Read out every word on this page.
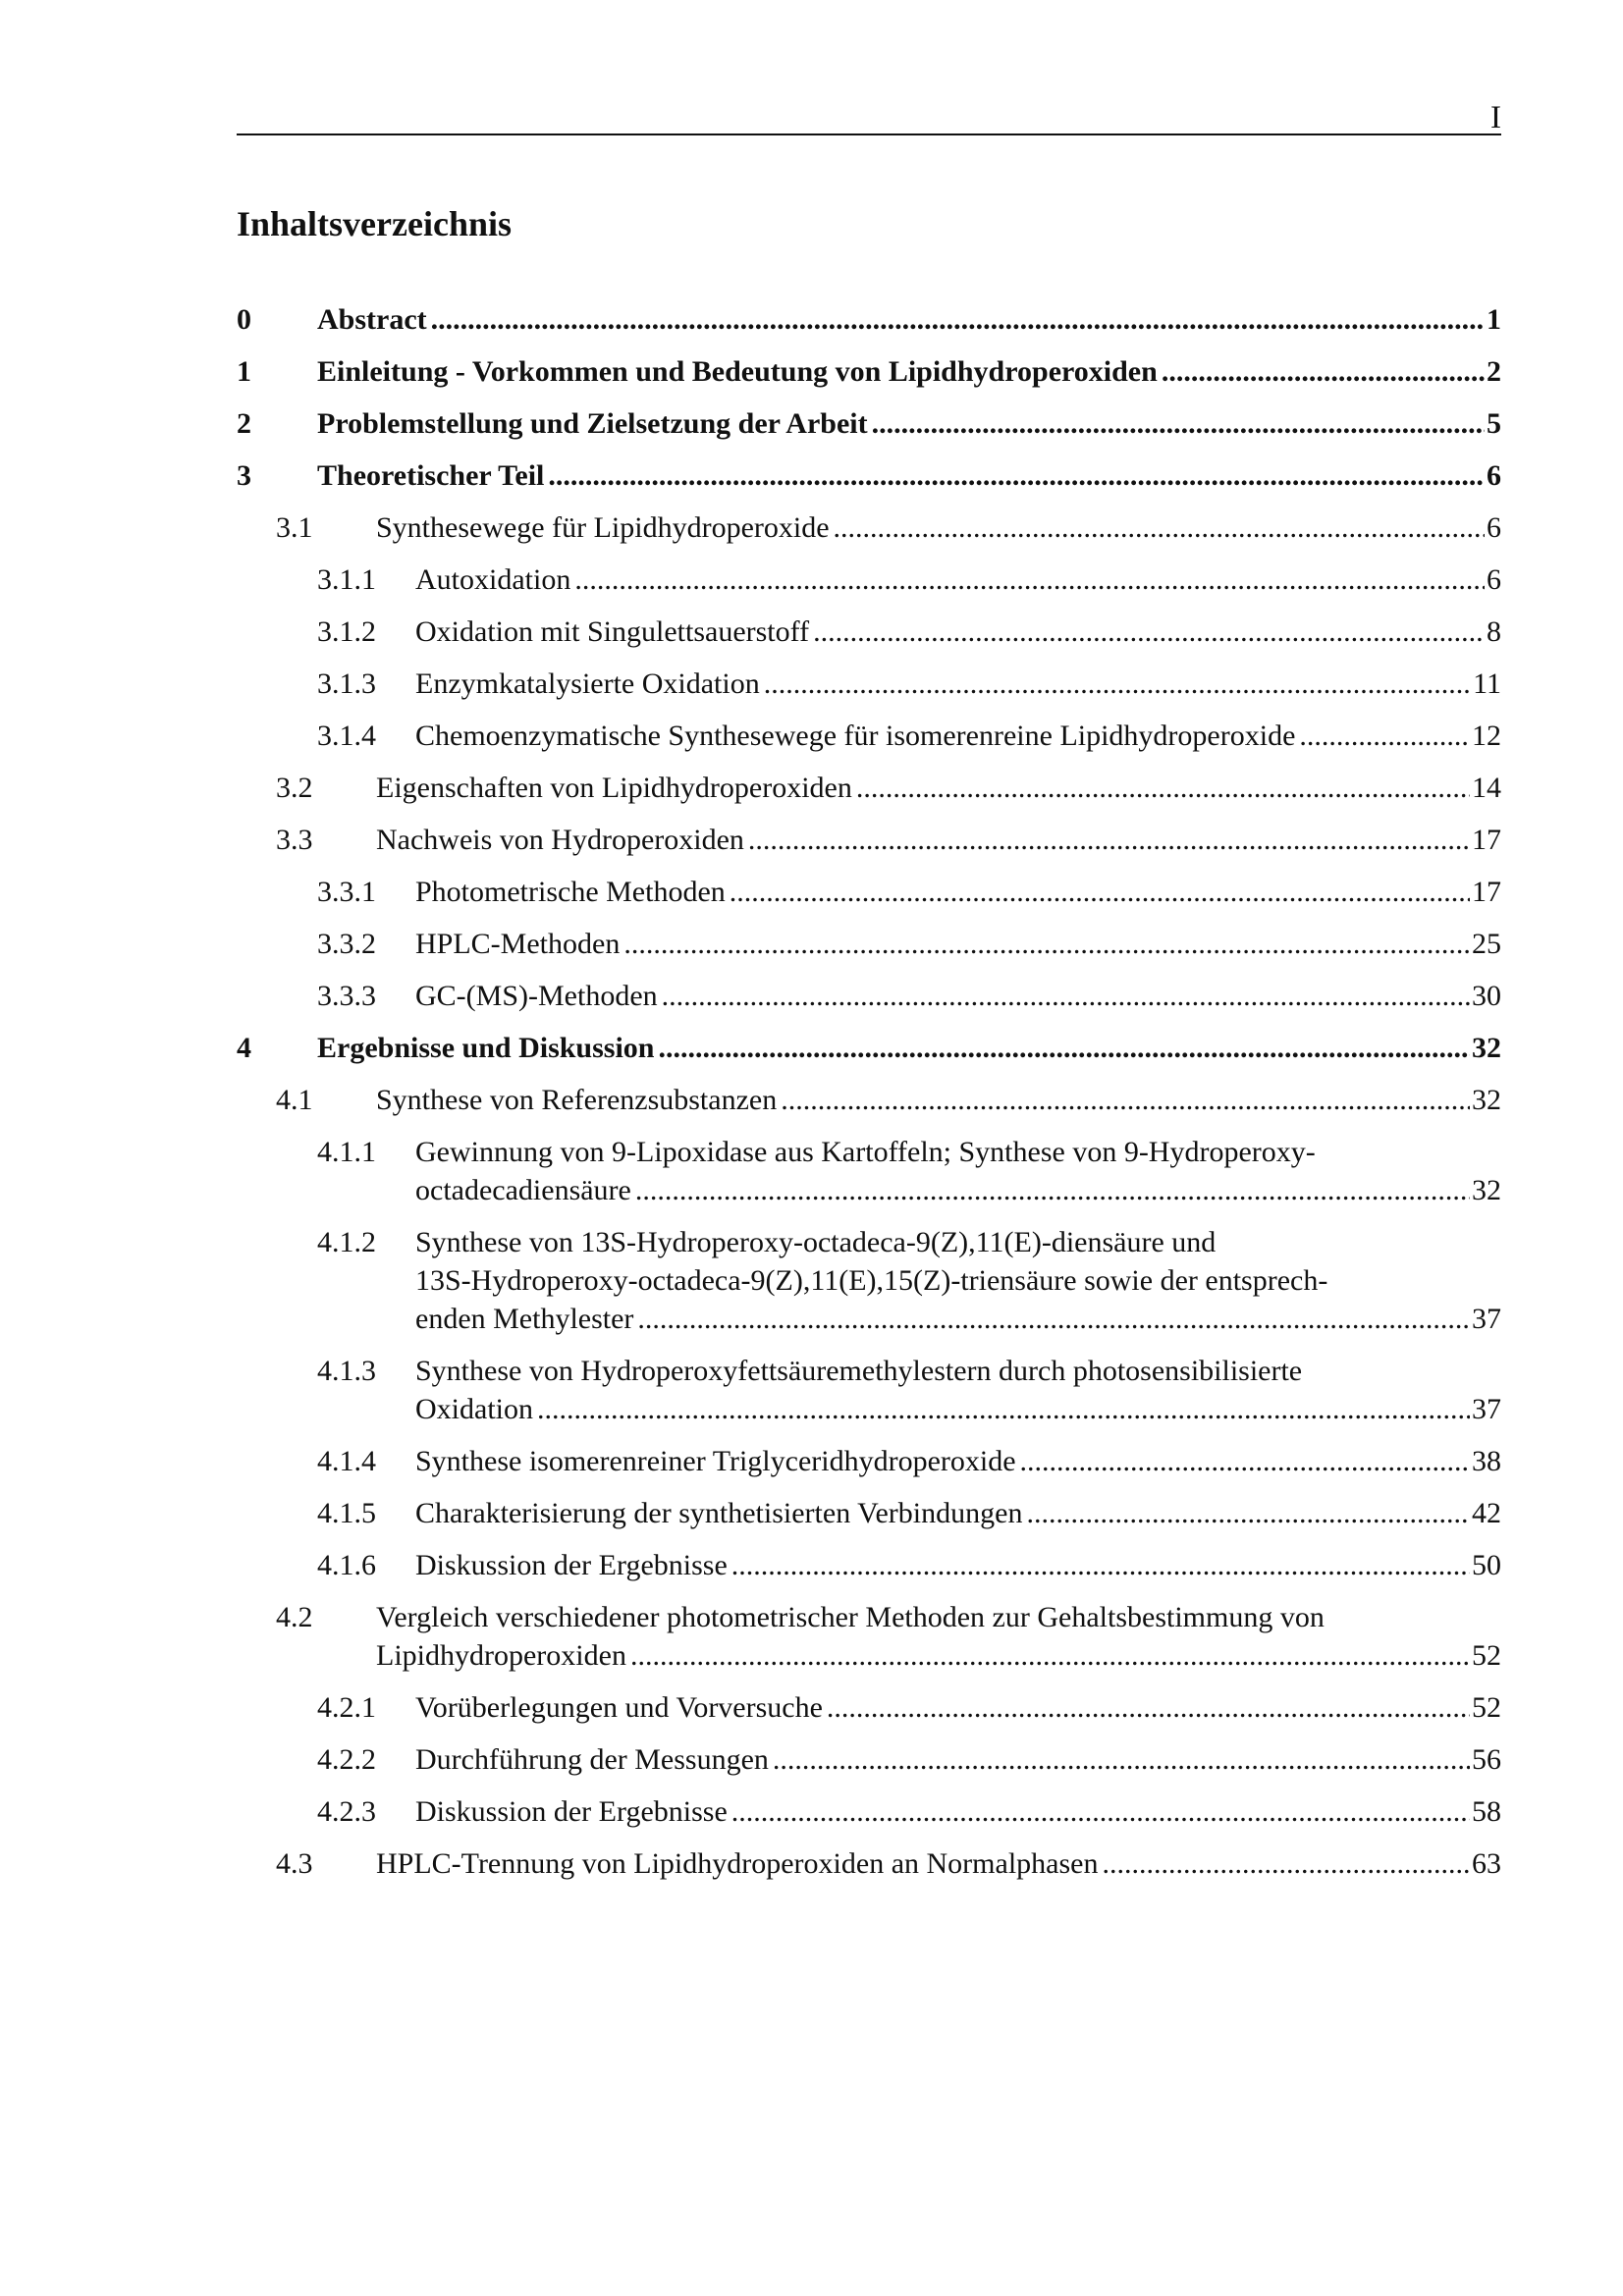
I
Inhaltsverzeichnis
0 Abstract .....	1
1 Einleitung - Vorkommen und Bedeutung von Lipidhydroperoxiden .....	2
2 Problemstellung und Zielsetzung der Arbeit .....	5
3 Theoretischer Teil .....	6
3.1 Synthesewege für Lipidhydroperoxide .....	6
3.1.1 Autoxidation .....	6
3.1.2 Oxidation mit Singulettsauerstoff .....	8
3.1.3 Enzymkatalysierte Oxidation .....	11
3.1.4 Chemoenzymatische Synthesewege für isomerenreine Lipidhydroperoxide .....	12
3.2 Eigenschaften von Lipidhydroperoxiden .....	14
3.3 Nachweis von Hydroperoxiden .....	17
3.3.1 Photometrische Methoden .....	17
3.3.2 HPLC-Methoden .....	25
3.3.3 GC-(MS)-Methoden .....	30
4 Ergebnisse und Diskussion .....	32
4.1 Synthese von Referenzsubstanzen .....	32
4.1.1 Gewinnung von 9-Lipoxidase aus Kartoffeln; Synthese von 9-Hydroperoxy-
octadecadiensäure .....	32
4.1.2 Synthese von 13S-Hydroperoxy-octadeca-9(Z),11(E)-diensäure und
13S-Hydroperoxy-octadeca-9(Z),11(E),15(Z)-triensäure sowie der entsprech-
enden Methylester .....	37
4.1.3 Synthese von Hydroperoxyfettsäuremethylestern durch photosensibilisierte
Oxidation .....	37
4.1.4 Synthese isomerenreiner Triglyceridhydroperoxide .....	38
4.1.5 Charakterisierung der synthetisierten Verbindungen .....	42
4.1.6 Diskussion der Ergebnisse .....	50
4.2 Vergleich verschiedener photometrischer Methoden zur Gehaltsbestimmung von
Lipidhydroperoxiden .....	52
4.2.1 Vorüberlegungen und Vorversuche .....	52
4.2.2 Durchführung der Messungen .....	56
4.2.3 Diskussion der Ergebnisse .....	58
4.3 HPLC-Trennung von Lipidhydroperoxiden an Normalphasen .....	63
